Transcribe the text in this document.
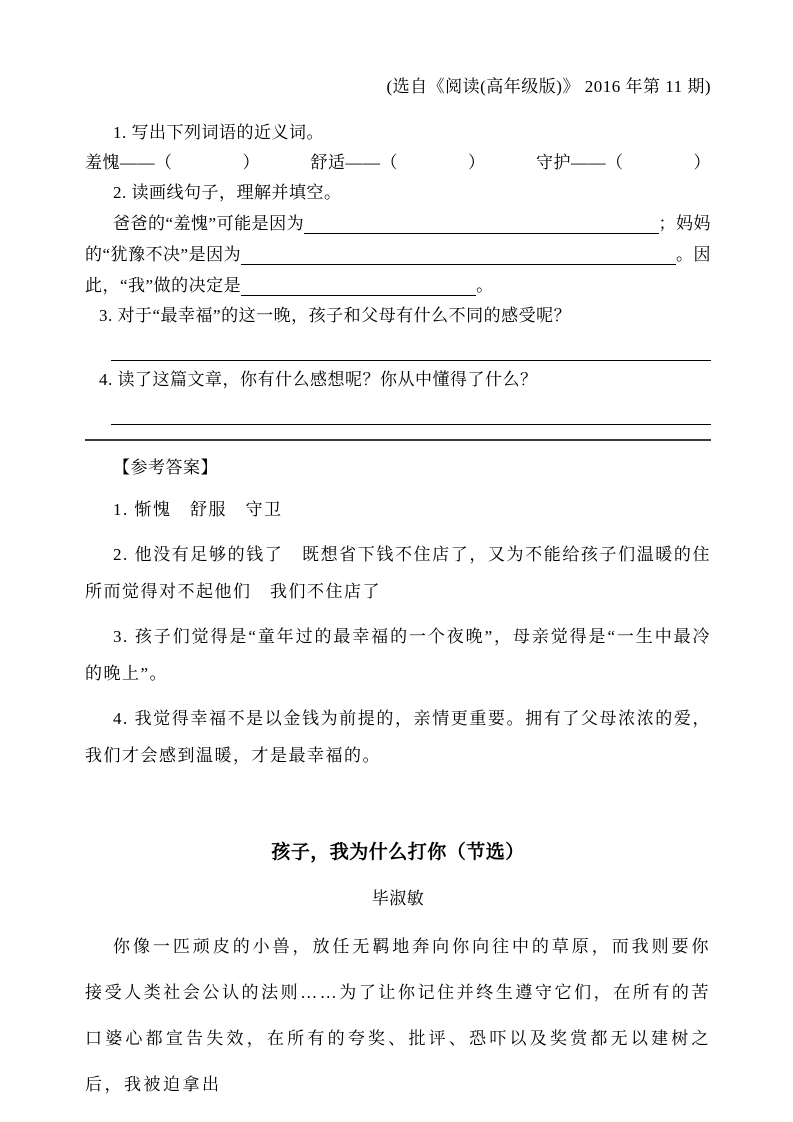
(选自《阅读(高年级版)》 2016 年第 11 期)

1. 写出下列词语的近义词。

羞愧——（　　　　）	舒适——（　　　　）	守护——（　　　　）

2. 读画线句子，理解并填空。

爸爸的“羞愧”可能是因为	；妈妈
的“犹豫不决”是因为	。因
此，“我”做的决定是	。

3. 对于“最幸福”的这一晚，孩子和父母有什么不同的感受呢？

4. 读了这篇文章，你有什么感想呢？你从中懂得了什么？

【参考答案】

1. 惭愧　舒服　守卫

2. 他没有足够的钱了　既想省下钱不住店了，又为不能给孩子们温暖的住所而觉得对不起他们　我们不住店了

3. 孩子们觉得是“童年过的最幸福的一个夜晚”，母亲觉得是“一生中最冷的晚上”。

4. 我觉得幸福不是以金钱为前提的，亲情更重要。拥有了父母浓浓的爱，我们才会感到温暖，才是最幸福的。

孩子，我为什么打你（节选）

毕淑敏

你像一匹顽皮的小兽，放任无羁地奔向你向往中的草原，而我则要你接受人类社会公认的法则……为了让你记住并终生遵守它们，在所有的苦口婆心都宣告失效，在所有的夸奖、批评、恐吓以及奖赏都无以建树之后，我被迫拿出
